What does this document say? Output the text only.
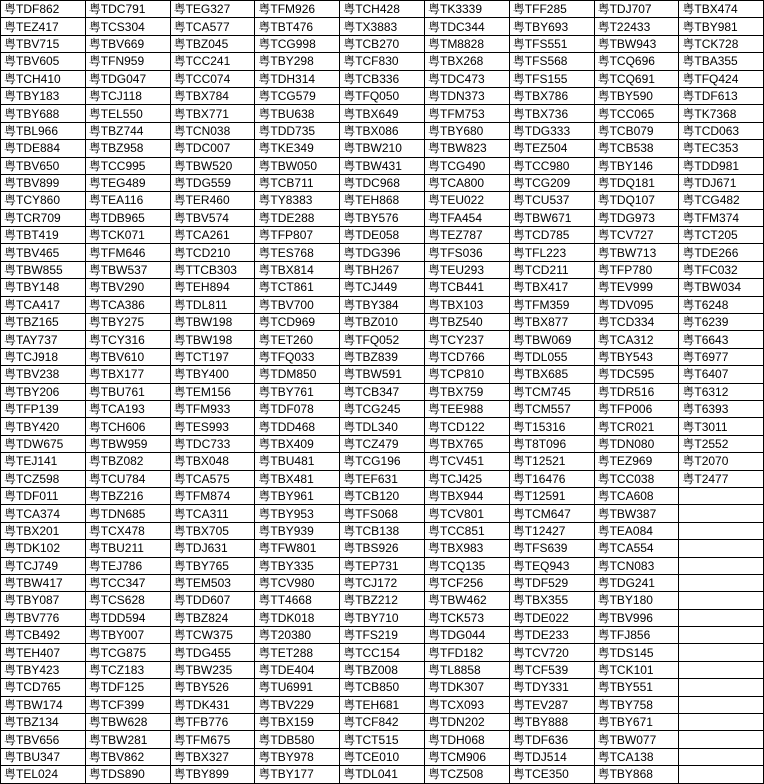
粤TDF862	粤TDC791	粤TEG327	粤TFM926	粤TCH428	粤TK3339	粤TFF285	粤TDJ707	粤TBX474
粤TEZ417	粤TCS304	粤TCA577	粤TBT476	粤TX3883	粤TDC344	粤TBY693	粤T22433	粤TBY981
粤TBV715	粤TBV669	粤TBZ045	粤TCG998	粤TCB270	粤TM8828	粤TFS551	粤TBW943	粤TCK728
粤TBV605	粤TFN959	粤TCC241	粤TBY298	粤TCF830	粤TBX268	粤TFS568	粤TCQ696	粤TBA355
粤TCH410	粤TDG047	粤TCC074	粤TDH314	粤TCB336	粤TDC473	粤TFS155	粤TCQ691	粤TFQ424
粤TBY183	粤TCJ118	粤TBX784	粤TCG579	粤TFQ050	粤TDN373	粤TBX786	粤TBY590	粤TDF613
粤TBY688	粤TEL550	粤TBX771	粤TBU638	粤TBX649	粤TFM753	粤TBX736	粤TCC065	粤TK7368
粤TBL966	粤TBZ744	粤TCN038	粤TDD735	粤TBX086	粤TBY680	粤TDG333	粤TCB079	粤TCD063
粤TDE884	粤TBZ958	粤TDC007	粤TKE349	粤TBW210	粤TBW823	粤TEZ504	粤TCB538	粤TEC353
粤TBV650	粤TCC995	粤TBW520	粤TBW050	粤TBW431	粤TCG490	粤TCC980	粤TBY146	粤TDD981
粤TBV899	粤TEG489	粤TDG559	粤TCB711	粤TDC968	粤TCA800	粤TCG209	粤TDQ181	粤TDJ671
粤TCY860	粤TEA116	粤TER460	粤TY8383	粤TEH868	粤TEU022	粤TCU537	粤TDQ107	粤TCG482
粤TCR709	粤TDB965	粤TBV574	粤TDE288	粤TBY576	粤TFA454	粤TBW671	粤TDG973	粤TFM374
粤TBT419	粤TCK071	粤TCA261	粤TFP807	粤TDE058	粤TEZ787	粤TCD785	粤TCV727	粤TCT205
粤TBV465	粤TFM646	粤TCD210	粤TES768	粤TDG396	粤TFS036	粤TFL223	粤TBW713	粤TDE266
粤TBW855	粤TBW537	粤TTCB303	粤TBX814	粤TBH267	粤TEU293	粤TCD211	粤TFP780	粤TFC032
粤TBY148	粤TBV290	粤TEH894	粤TCT861	粤TCJ449	粤TCB441	粤TBX417	粤TEV999	粤TBW034
粤TCA417	粤TCA386	粤TDL811	粤TBV700	粤TBY384	粤TBX103	粤TFM359	粤TDV095	粤T6248
粤TBZ165	粤TBY275	粤TBW198	粤TCD969	粤TBZ010	粤TBZ540	粤TBX877	粤TCD334	粤T6239
粤TAY737	粤TCY316	粤TBW198	粤TET260	粤TFQ052	粤TCY237	粤TBW069	粤TCA312	粤T6643
粤TCJ918	粤TBV610	粤TCT197	粤TFQ033	粤TBZ839	粤TCD766	粤TDL055	粤TBY543	粤T6977
粤TBV238	粤TBX177	粤TBY400	粤TDM850	粤TBW591	粤TCP810	粤TBX685	粤TDC595	粤T6407
粤TBY206	粤TBU761	粤TEM156	粤TBY761	粤TCB347	粤TBX759	粤TCM745	粤TDR516	粤T6312
粤TFP139	粤TCA193	粤TFM933	粤TDF078	粤TCG245	粤TEE988	粤TCM557	粤TFP006	粤T6393
粤TBY420	粤TCH606	粤TES993	粤TDD468	粤TDL340	粤TCD122	粤T15316	粤TCR021	粤T3011
粤TDW675	粤TBW959	粤TDC733	粤TBX409	粤TCZ479	粤TBX765	粤T8T096	粤TDN080	粤T2552
粤TEJ141	粤TBZ082	粤TBX048	粤TBU481	粤TCG196	粤TCV451	粤T12521	粤TEZ969	粤T2070
粤TCZ598	粤TCU784	粤TCA575	粤TBX481	粤TEF631	粤TCJ425	粤T16476	粤TCC038	粤T2477
粤TDF011	粤TBZ216	粤TFM874	粤TBY961	粤TCB120	粤TBX944	粤T12591	粤TCA608	
粤TCA374	粤TDN685	粤TCA311	粤TBY953	粤TFS068	粤TCV801	粤TCM647	粤TBW387	
粤TBX201	粤TCX478	粤TBX705	粤TBY939	粤TCB138	粤TCC851	粤T12427	粤TEA084	
粤TDK102	粤TBU211	粤TDJ631	粤TFW801	粤TBS926	粤TBX983	粤TFS639	粤TCA554	
粤TCJ749	粤TEJ786	粤TBY765	粤TBY335	粤TEP731	粤TCQ135	粤TEQ943	粤TCN083	
粤TBW417	粤TCC347	粤TEM503	粤TCV980	粤TCJ172	粤TCF256	粤TDF529	粤TDG241	
粤TBY087	粤TCS628	粤TDD607	粤TT4668	粤TBZ212	粤TBW462	粤TBX355	粤TBY180	
粤TBV776	粤TDD594	粤TBZ824	粤TDK018	粤TBY710	粤TCK573	粤TDE022	粤TBV996	
粤TCB492	粤TBY007	粤TCW375	粤T20380	粤TFS219	粤TDG044	粤TDE233	粤TFJ856	
粤TEH407	粤TCG875	粤TDG455	粤TET288	粤TCC154	粤TFD182	粤TCV720	粤TDS145	
粤TBY423	粤TCZ183	粤TBW235	粤TDE404	粤TBZ008	粤TL8858	粤TCF539	粤TCK101	
粤TCD765	粤TDF125	粤TBY526	粤TU6991	粤TCB850	粤TDK307	粤TDY331	粤TBY551	
粤TBW174	粤TCF399	粤TDK431	粤TBV229	粤TEH681	粤TCX093	粤TEV287	粤TBY758	
粤TBZ134	粤TBW628	粤TFB776	粤TBX159	粤TCF842	粤TDN202	粤TBY888	粤TBY671	
粤TBV656	粤TBW281	粤TFM675	粤TDB580	粤TCT515	粤TDH068	粤TDF636	粤TBW077	
粤TBU347	粤TBV862	粤TBX327	粤TBY978	粤TCE010	粤TCM906	粤TDJ514	粤TCA138	
粤TEL024	粤TDS890	粤TBY899	粤TBY177	粤TDL041	粤TCZ508	粤TCE350	粤TBY868	
